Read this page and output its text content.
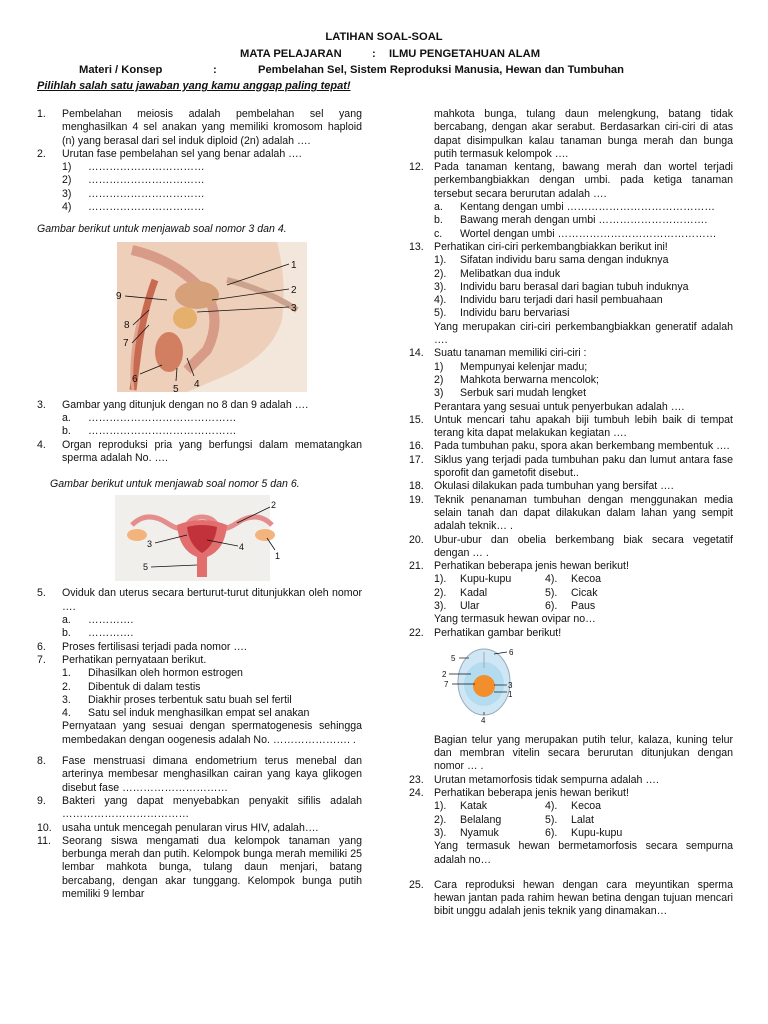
LATIHAN SOAL-SOAL
MATA PELAJARAN	: ILMU PENGETAHUAN ALAM
Materi / Konsep	:	Pembelahan Sel, Sistem Reproduksi Manusia, Hewan dan Tumbuhan
Pilihlah salah satu jawaban yang kamu anggap paling tepat!
1. Pembelahan meiosis adalah pembelahan sel yang menghasilkan 4 sel anakan yang memiliki kromosom haploid (n) yang berasal dari sel induk diploid (2n) adalah ….
2. Urutan fase pembelahan sel yang benar adalah ….
1) ……………………………
2) ……………………………
3) ……………………………
4) ……………………………
Gambar berikut untuk menjawab soal nomor 3 dan 4.
1
2
3
4
5
6
7
8
9
3. Gambar yang ditunjuk dengan no 8 dan 9 adalah ….
a. ……………………………………
b. ……………………………………
4. Organ reproduksi pria yang berfungsi dalam mematangkan sperma adalah No. ….
Gambar berikut untuk menjawab soal nomor 5 dan 6.
1
2
3	4
5
5. Oviduk dan uterus secara berturut-turut ditunjukkan oleh nomor ….
a. ………….
b. ………….
6. Proses fertilisasi terjadi pada nomor ….
7. Perhatikan pernyataan berikut.
1. Dihasilkan oleh hormon estrogen
2. Dibentuk di dalam testis
3. Diakhir proses terbentuk satu buah sel fertil
4. Satu sel induk menghasilkan empat sel anakan
Pernyataan yang sesuai dengan spermatogenesis sehingga membedakan dengan oogenesis adalah No. …………………. .
8. Fase menstruasi dimana endometrium terus menebal dan arterinya membesar menghasilkan cairan yang kaya glikogen disebut fase …………………………
9. Bakteri yang dapat menyebabkan penyakit sifilis adalah ………………………………
10. usaha untuk mencegah penularan virus HIV, adalah….
11. Seorang siswa mengamati dua kelompok tanaman yang berbunga merah dan putih. Kelompok bunga merah memiliki 25 lembar mahkota bunga, tulang daun menjari, batang bercabang, dengan akar tunggang. Kelompok bunga putih memiliki 9 lembar
mahkota bunga, tulang daun melengkung, batang tidak bercabang, dengan akar serabut. Berdasarkan ciri-ciri di atas dapat disimpulkan kalau tanaman bunga merah dan bunga putih termasuk kelompok ….
12. Pada tanaman kentang, bawang merah dan wortel terjadi perkembangbiakkan dengan umbi. pada ketiga tanaman tersebut secara berurutan adalah ….
a. Kentang dengan umbi ……………………………………
b. Bawang merah dengan umbi ………………………….
c. Wortel dengan umbi ………………………………………
13. Perhatikan ciri-ciri perkembangbiakkan berikut ini!
1). Sifatan individu baru sama dengan induknya
2). Melibatkan dua induk
3). Individu baru berasal dari bagian tubuh induknya
4). Individu baru terjadi dari hasil pembuahaan
5). Individu baru bervariasi
Yang merupakan ciri-ciri perkembangbiakkan generatif adalah ….
14. Suatu tanaman memiliki ciri-ciri :
1) Mempunyai kelenjar madu;
2) Mahkota berwarna mencolok;
3) Serbuk sari mudah lengket
Perantara yang sesuai untuk penyerbukan adalah ….
15. Untuk mencari tahu apakah biji tumbuh lebih baik di tempat terang kita dapat melakukan kegiatan ….
16. Pada tumbuhan paku, spora akan berkembang membentuk ….
17. Siklus yang terjadi pada tumbuhan paku dan lumut antara fase sporofit dan gametofit disebut..
18. Okulasi dilakukan pada tumbuhan yang bersifat ….
19. Teknik penanaman tumbuhan dengan menggunakan media selain tanah dan dapat dilakukan dalam lahan yang sempit adalah teknik… .
20. Ubur-ubur dan obelia berkembang biak secara vegetatif dengan … .
21. Perhatikan beberapa jenis hewan berikut!
1). Kupu-kupu	4). Kecoa
2). Kadal	5). Cicak
3). Ular	6). Paus
Yang termasuk hewan ovipar no…
22. Perhatikan gambar berikut!
1
2
3
4
5
6
7
Bagian telur yang merupakan putih telur, kalaza, kuning telur dan membran vitelin secara berurutan ditunjukan dengan nomor … .
23. Urutan metamorfosis tidak sempurna adalah ….
24. Perhatikan beberapa jenis hewan berikut!
1). Katak	4). Kecoa
2). Belalang	5). Lalat
3). Nyamuk	6). Kupu-kupu
Yang termasuk hewan bermetamorfosis secara sempurna adalah no…
25. Cara reproduksi hewan dengan cara meyuntikan sperma hewan jantan pada rahim hewan betina dengan tujuan mencari bibit unggu adalah jenis teknik yang dinamakan…
